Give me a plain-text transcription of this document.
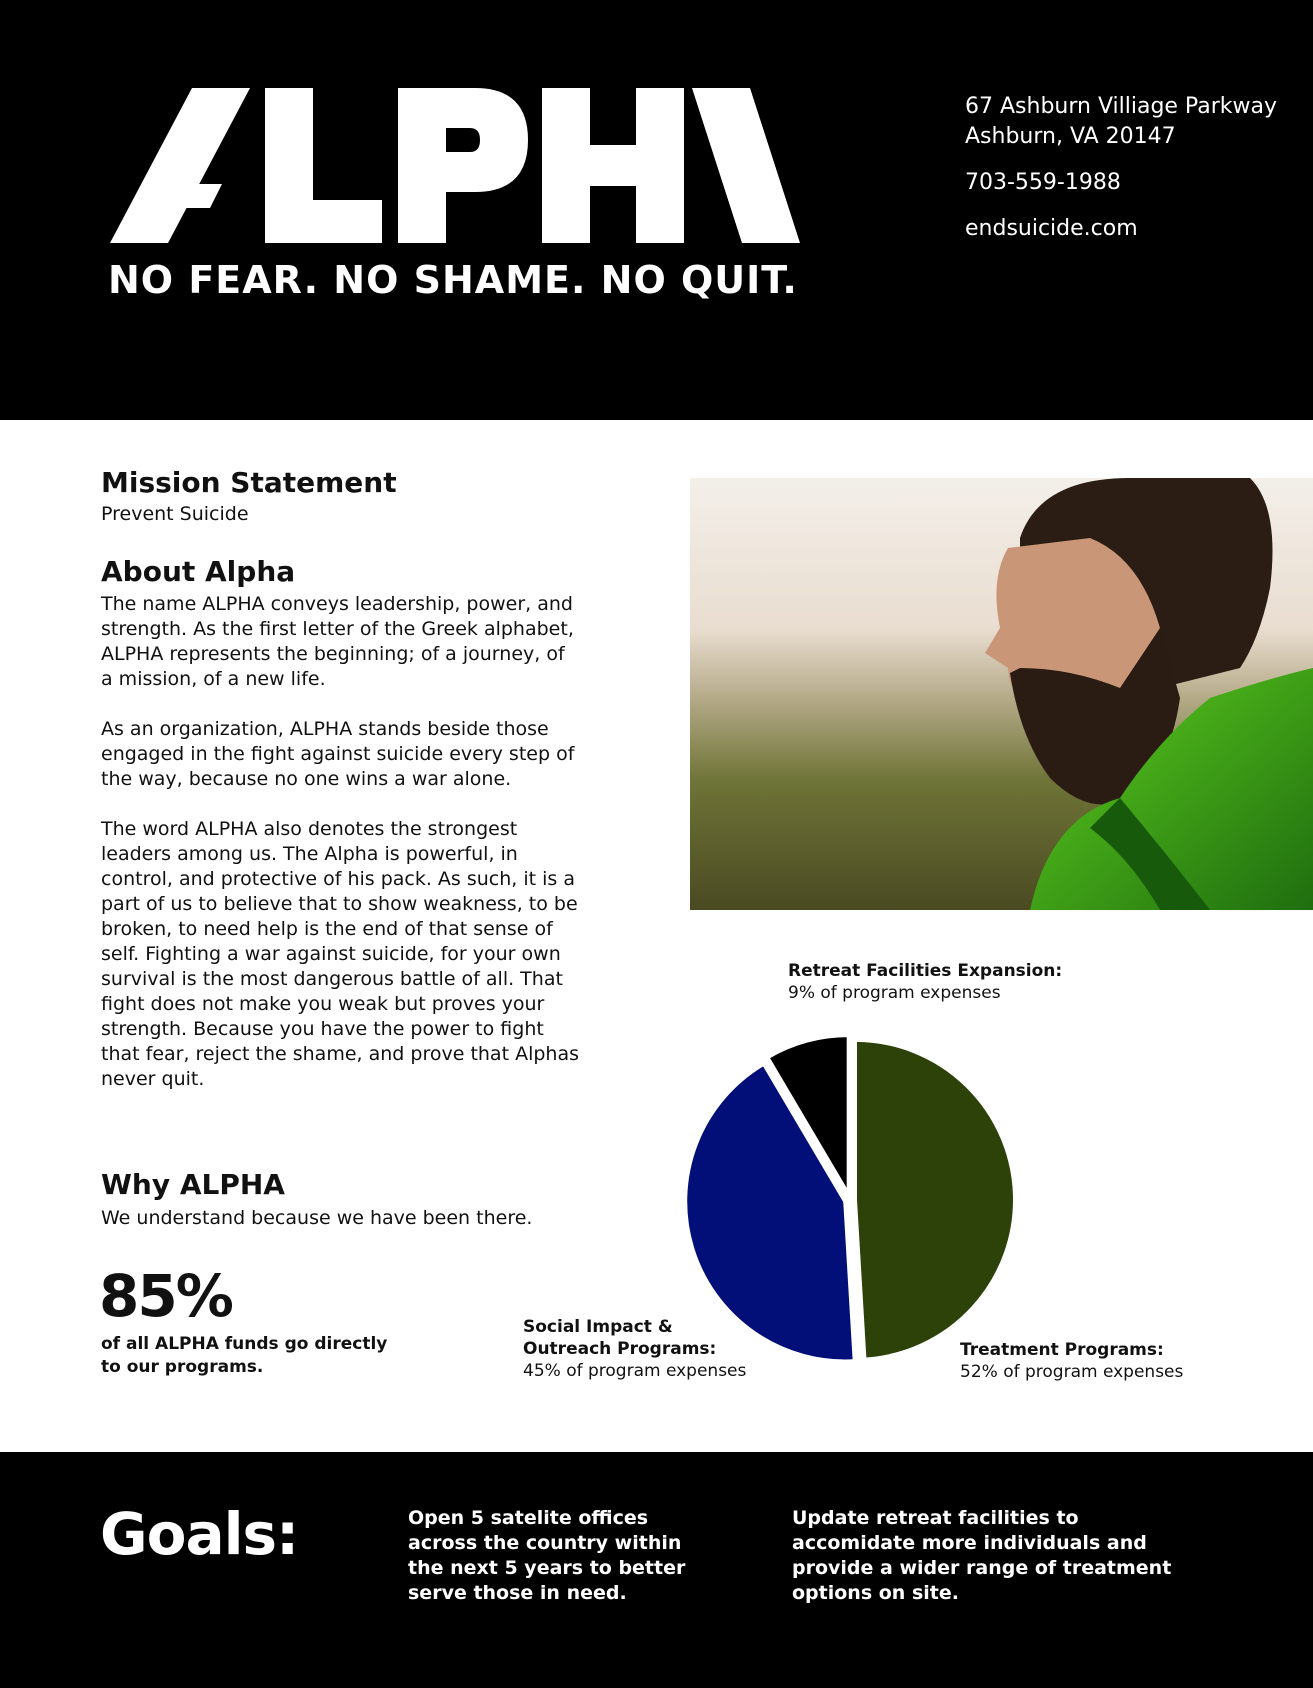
NO FEAR. NO SHAME. NO QUIT.
67 Ashburn Villiage Parkway
Ashburn, VA 20147
703-559-1988
endsuicide.com
Mission Statement
Prevent Suicide
About Alpha

The name ALPHA conveys leadership, power, and strength. As the first letter of the Greek alphabet, ALPHA represents the beginning; of a journey, of a mission, of a new life.

As an organization, ALPHA stands beside those engaged in the fight against suicide every step of the way, because no one wins a war alone.

The word ALPHA also denotes the strongest leaders among us. The Alpha is powerful, in control, and protective of his pack. As such, it is a part of us to believe that to show weakness, to be broken, to need help is the end of that sense of self. Fighting a war against suicide, for your own survival is the most dangerous battle of all. That fight does not make you weak but proves your strength. Because you have the power to fight that fear, reject the shame, and prove that Alphas never quit.

Why ALPHA
We understand because we have been there.
85%
of all ALPHA funds go directly to our programs.
Retreat Facilities Expansion:
9% of program expenses
Social Impact & Outreach Programs:
45% of program expenses
Treatment Programs:
52% of program expenses
Goals:	Open 5 satelite offices across the country within the next 5 years to better serve those in need.
Update retreat facilities to accomidate more individuals and provide a wider range of treatment options on site.
